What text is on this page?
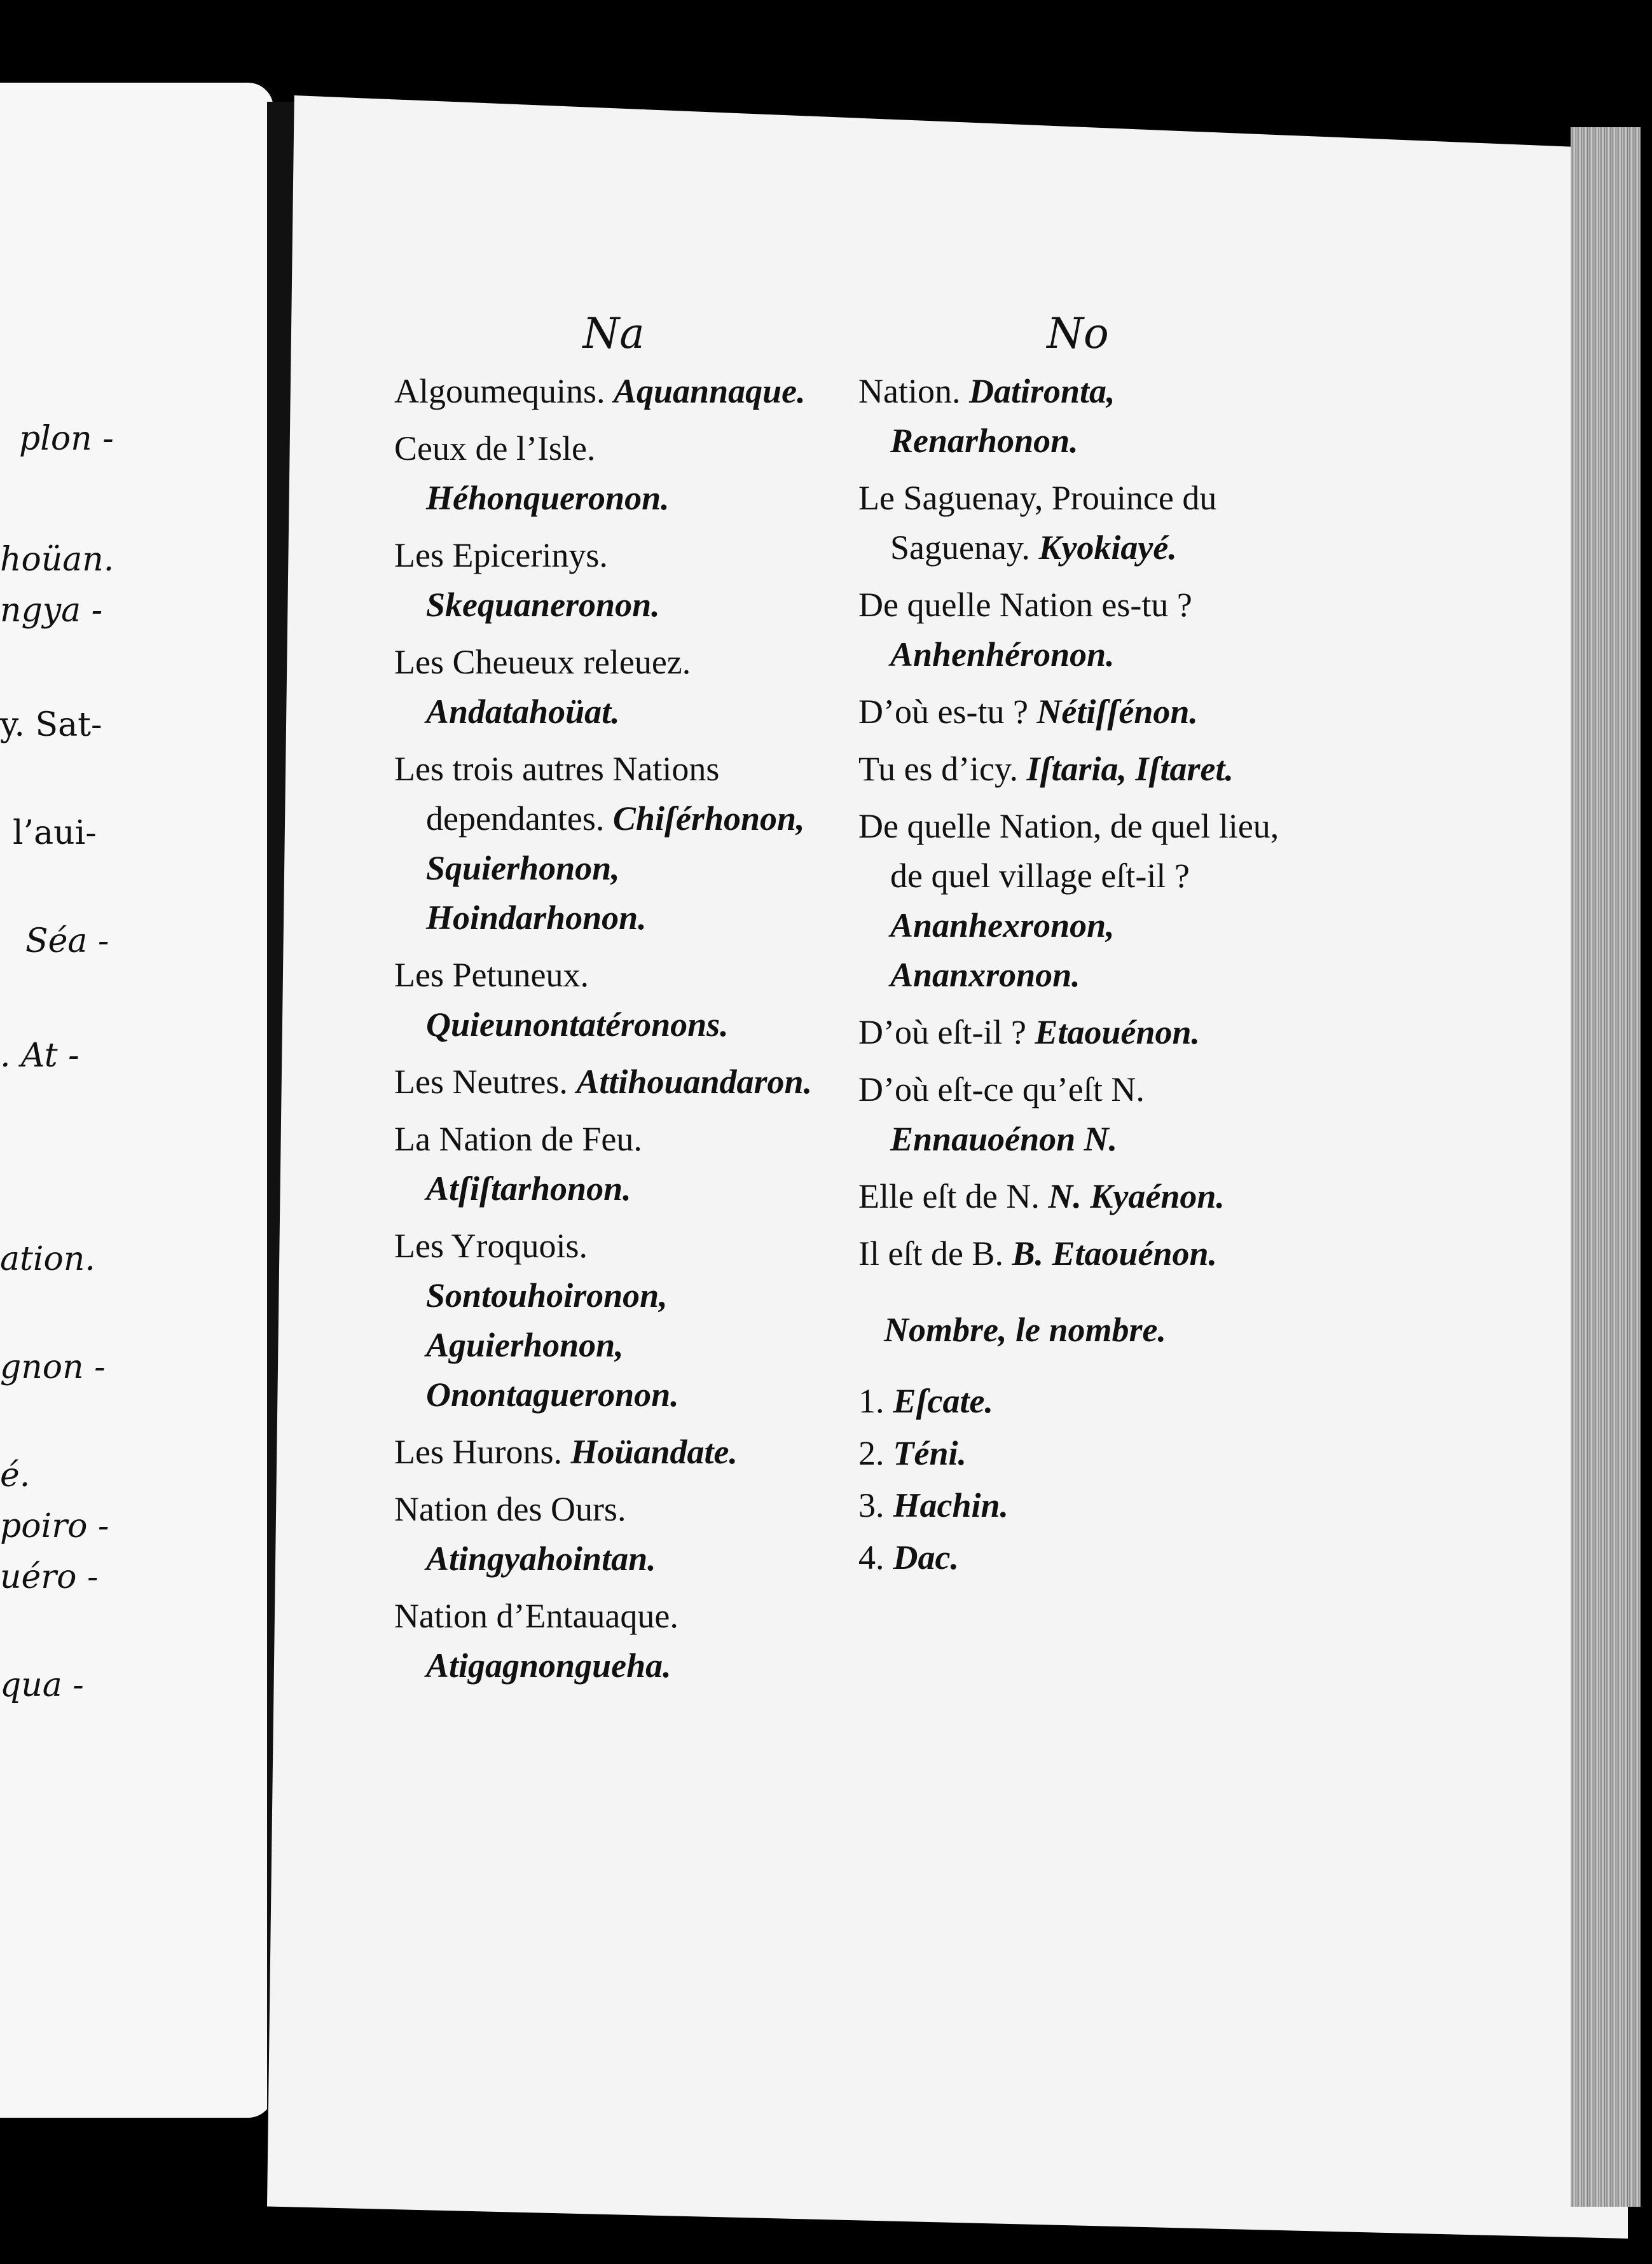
plon -
hoüan.
ngya -
y. Sat-
l’aui-
Séa -
. At -
ation.
gnon -
é.
poiro -
uéro -
qua -
Na
Algoumequins. Aquannaque.
Ceux de l’Isle. Héhonqueronon.
Les Epicerinys. Skequaneronon.
Les Cheueux releuez. Andatahoüat.
Les trois autres Nations dependantes. Chiſérhonon, Squierhonon, Hoindarhonon.
Les Petuneux. Quieunontatéronons.
Les Neutres. Attihouandaron.
La Nation de Feu. Atſiſtarhonon.
Les Yroquois. Sontouhoironon, Aguierhonon, Onontagueronon.
Les Hurons. Hoüandate.
Nation des Ours. Atingyahointan.
Nation d’Entauaque. Atigagnongueha.
No
Nation. Datironta, Renarhonon.
Le Saguenay, Prouince du Saguenay. Kyokiayé.
De quelle Nation es-tu ? Anhenhéronon.
D’où es-tu ? Nétiſſénon.
Tu es d’icy. Iſtaria, Iſtaret.
De quelle Nation, de quel lieu, de quel village eſt-il ? Ananhexronon, Ananxronon.
D’où eſt-il ? Etaouénon.
D’où eſt-ce qu’eſt N. Ennauoénon N.
Elle eſt de N. N. Kyaénon.
Il eſt de B. B. Etaouénon.
Nombre, le nombre.
1. Eſcate.
2. Téni.
3. Hachin.
4. Dac.
